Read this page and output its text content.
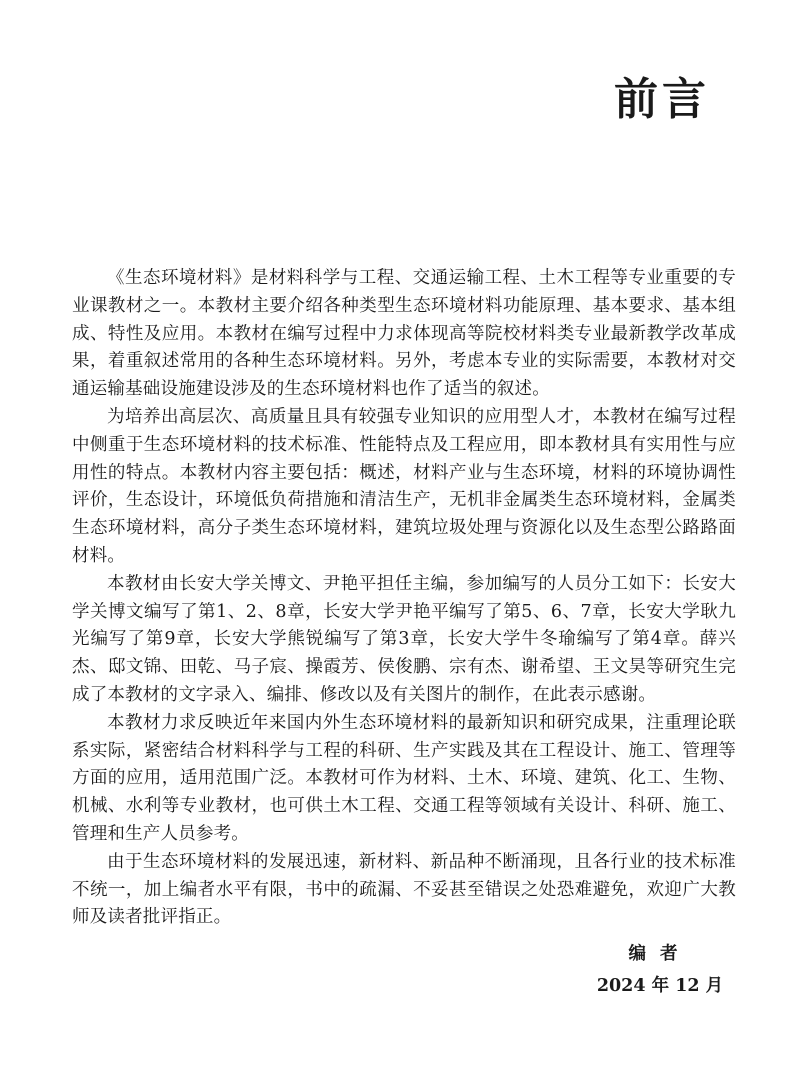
前言

《生态环境材料》是材料科学与工程、交通运输工程、土木工程等专业重要的专业课教材之一。本教材主要介绍各种类型生态环境材料功能原理、基本要求、基本组成、特性及应用。本教材在编写过程中力求体现高等院校材料类专业最新教学改革成果，着重叙述常用的各种生态环境材料。另外，考虑本专业的实际需要，本教材对交通运输基础设施建设涉及的生态环境材料也作了适当的叙述。

为培养出高层次、高质量且具有较强专业知识的应用型人才，本教材在编写过程中侧重于生态环境材料的技术标准、性能特点及工程应用，即本教材具有实用性与应用性的特点。本教材内容主要包括：概述，材料产业与生态环境，材料的环境协调性评价，生态设计，环境低负荷措施和清洁生产，无机非金属类生态环境材料，金属类生态环境材料，高分子类生态环境材料，建筑垃圾处理与资源化以及生态型公路路面材料。

本教材由长安大学关博文、尹艳平担任主编，参加编写的人员分工如下：长安大学关博文编写了第1、2、8章，长安大学尹艳平编写了第5、6、7章，长安大学耿九光编写了第9章，长安大学熊锐编写了第3章，长安大学牛冬瑜编写了第4章。薛兴杰、邸文锦、田乾、马子宸、操霞芳、侯俊鹏、宗有杰、谢希望、王文昊等研究生完成了本教材的文字录入、编排、修改以及有关图片的制作，在此表示感谢。

本教材力求反映近年来国内外生态环境材料的最新知识和研究成果，注重理论联系实际，紧密结合材料科学与工程的科研、生产实践及其在工程设计、施工、管理等方面的应用，适用范围广泛。本教材可作为材料、土木、环境、建筑、化工、生物、机械、水利等专业教材，也可供土木工程、交通工程等领域有关设计、科研、施工、管理和生产人员参考。

由于生态环境材料的发展迅速，新材料、新品种不断涌现，且各行业的技术标准不统一，加上编者水平有限，书中的疏漏、不妥甚至错误之处恐难避免，欢迎广大教师及读者批评指正。

编者
2024 年 12 月
